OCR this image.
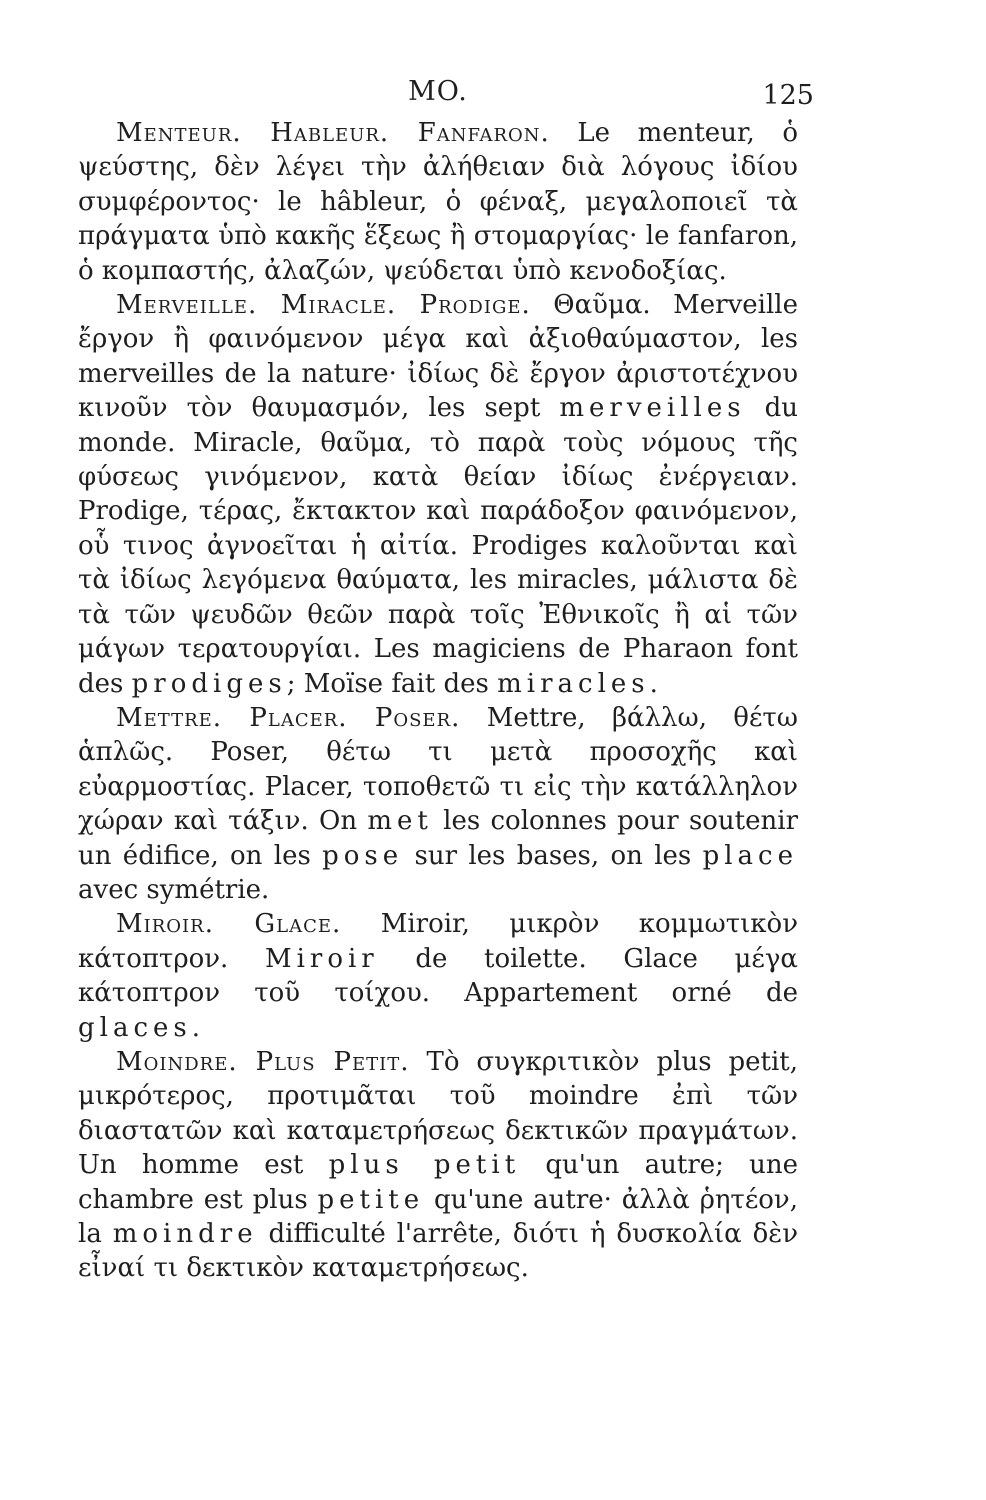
MO.	125

Menteur. Hableur. Fanfaron. Le menteur, ὁ ψεύστης, δὲν λέγει τὴν ἀλήθειαν διὰ λόγους ἰδίου συμφέροντος· le hâbleur, ὁ φέναξ, μεγαλοποιεῖ τὰ πράγματα ὑπὸ κακῆς ἕξεως ἢ στομαργίας· le fanfaron, ὁ κομπαστής, ἀλαζών, ψεύδεται ὑπὸ κενοδοξίας.

Merveille. Miracle. Prodige. Θαῦμα. Merveille ἔργον ἢ φαινόμενον μέγα καὶ ἀξιοθαύμαστον, les merveilles de la nature· ἰδίως δὲ ἔργον ἀριστοτέχνου κινοῦν τὸν θαυμασμόν, les sept merveilles du monde. Miracle, θαῦμα, τὸ παρὰ τοὺς νόμους τῆς φύσεως γινόμενον, κατὰ θείαν ἰδίως ἐνέργειαν. Prodige, τέρας, ἔκτακτον καὶ παράδοξον φαινόμενον, οὗ τινος ἀγνοεῖται ἡ αἰτία. Prodiges καλοῦνται καὶ τὰ ἰδίως λεγόμενα θαύματα, les miracles, μάλιστα δὲ τὰ τῶν ψευδῶν θεῶν παρὰ τοῖς Ἐθνικοῖς ἢ αἱ τῶν μάγων τερατουργίαι. Les magiciens de Pharaon font des prodiges; Moïse fait des miracles.

Mettre. Placer. Poser. Mettre, βάλλω, θέτω ἁπλῶς. Poser, θέτω τι μετὰ προσοχῆς καὶ εὐαρμοστίας. Placer, τοποθετῶ τι εἰς τὴν κατάλληλον χώραν καὶ τάξιν. On met les colonnes pour soutenir un édifice, on les pose sur les bases, on les place avec symétrie.

Miroir. Glace. Miroir, μικρὸν κομμωτικὸν κάτοπτρον. Miroir de toilette. Glace μέγα κάτοπτρον τοῦ τοίχου. Appartement orné de glaces.

Moindre. Plus Petit. Τὸ συγκριτικὸν plus petit, μικρότερος, προτιμᾶται τοῦ moindre ἐπὶ τῶν διαστατῶν καὶ καταμετρήσεως δεκτικῶν πραγμάτων. Un homme est plus petit qu'un autre; une chambre est plus petite qu'une autre· ἀλλὰ ῥητέον, la moindre difficulté l'arrête, διότι ἡ δυσκολία δὲν εἶναί τι δεκτικὸν καταμετρήσεως.
